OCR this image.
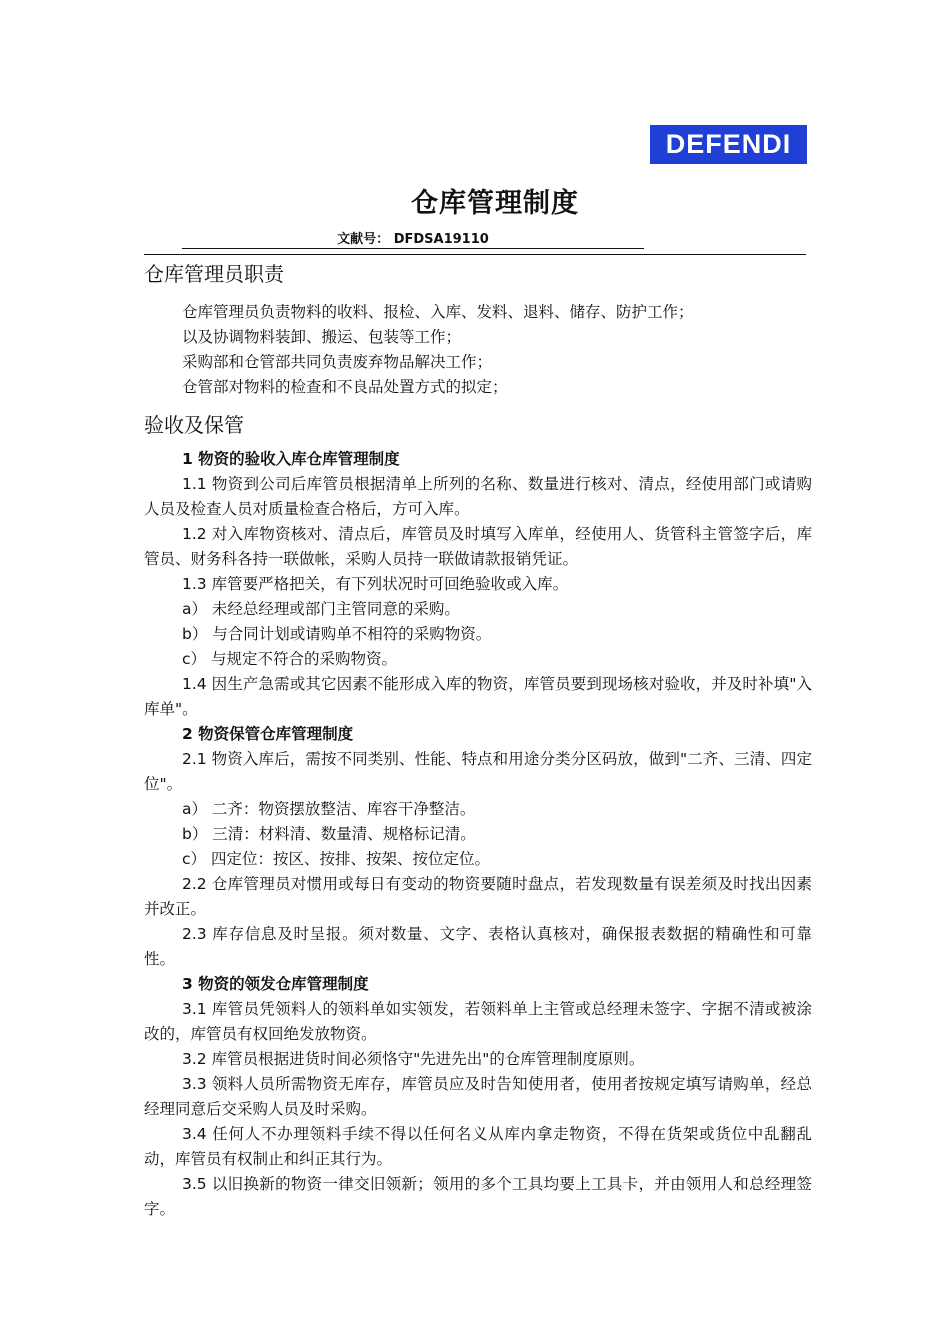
DEFENDI
仓库管理制度
文献号： DFDSA19110
仓库管理员职责

仓库管理员负责物料的收料、报检、入库、发料、退料、储存、防护工作；

以及协调物料装卸、搬运、包装等工作；

采购部和仓管部共同负责废弃物品解决工作；

仓管部对物料的检查和不良品处置方式的拟定；

验收及保管

1 物资的验收入库仓库管理制度

1.1 物资到公司后库管员根据清单上所列的名称、数量进行核对、清点，经使用部门或请购人员及检查人员对质量检查合格后，方可入库。

1.2 对入库物资核对、清点后，库管员及时填写入库单，经使用人、货管科主管签字后，库管员、财务科各持一联做帐，采购人员持一联做请款报销凭证。

1.3 库管要严格把关，有下列状况时可回绝验收或入库。

a） 未经总经理或部门主管同意的采购。

b） 与合同计划或请购单不相符的采购物资。

c） 与规定不符合的采购物资。

1.4 因生产急需或其它因素不能形成入库的物资，库管员要到现场核对验收，并及时补填"入库单"。

2 物资保管仓库管理制度

2.1 物资入库后，需按不同类别、性能、特点和用途分类分区码放，做到"二齐、三清、四定位"。

a） 二齐：物资摆放整洁、库容干净整洁。

b） 三清：材料清、数量清、规格标记清。

c） 四定位：按区、按排、按架、按位定位。

2.2 仓库管理员对惯用或每日有变动的物资要随时盘点，若发现数量有误差须及时找出因素并改正。

2.3 库存信息及时呈报。须对数量、文字、表格认真核对，确保报表数据的精确性和可靠性。

3 物资的领发仓库管理制度

3.1 库管员凭领料人的领料单如实领发，若领料单上主管或总经理未签字、字据不清或被涂改的，库管员有权回绝发放物资。

3.2 库管员根据进货时间必须恪守"先进先出"的仓库管理制度原则。

3.3 领料人员所需物资无库存，库管员应及时告知使用者，使用者按规定填写请购单，经总经理同意后交采购人员及时采购。

3.4 任何人不办理领料手续不得以任何名义从库内拿走物资，不得在货架或货位中乱翻乱动，库管员有权制止和纠正其行为。

3.5 以旧换新的物资一律交旧领新；领用的多个工具均要上工具卡，并由领用人和总经理签字。
